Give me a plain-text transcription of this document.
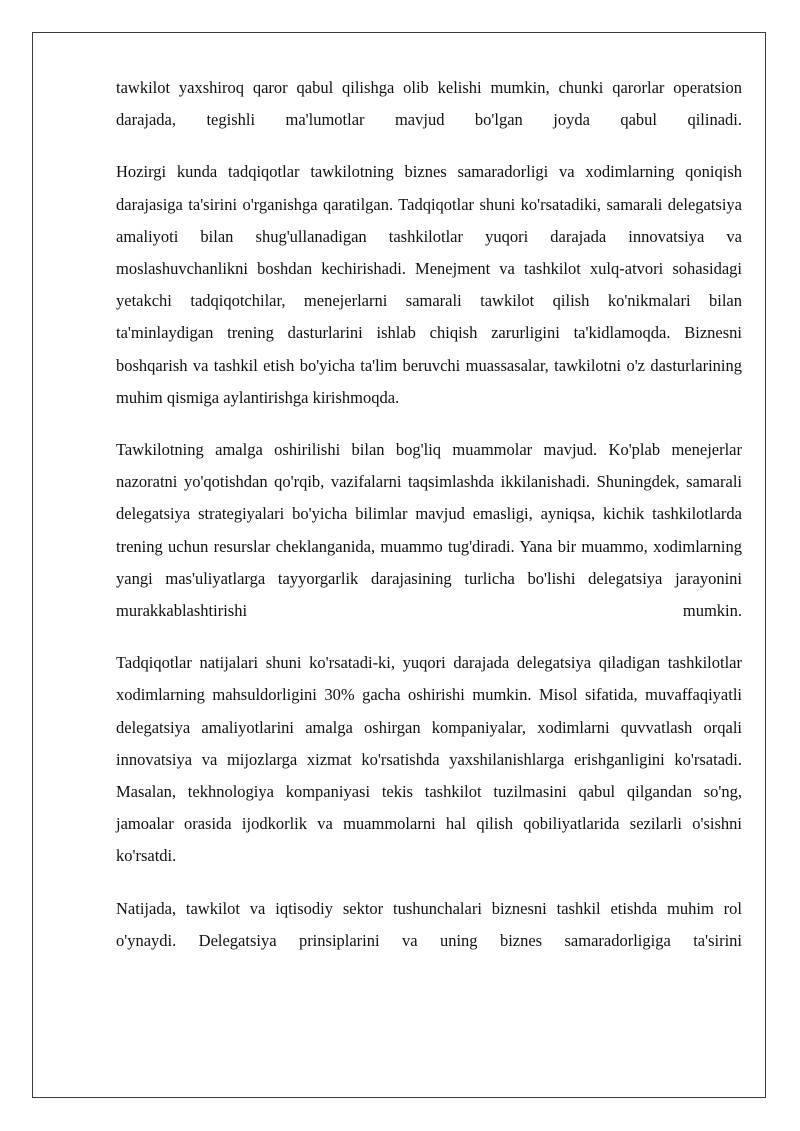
tawkilot yaxshiroq qaror qabul qilishga olib kelishi mumkin, chunki qarorlar operatsion darajada, tegishli ma'lumotlar mavjud bo'lgan joyda qabul qilinadi.

Hozirgi kunda tadqiqotlar tawkilotning biznes samaradorligi va xodimlarning qoniqish darajasiga ta'sirini o'rganishga qaratilgan. Tadqiqotlar shuni ko'rsatadiki, samarali delegatsiya amaliyoti bilan shug'ullanadigan tashkilotlar yuqori darajada innovatsiya va moslashuvchanlikni boshdan kechirishadi. Menejment va tashkilot xulq-atvori sohasidagi yetakchi tadqiqotchilar, menejerlarni samarali tawkilot qilish ko'nikmalari bilan ta'minlaydigan trening dasturlarini ishlab chiqish zarurligini ta'kidlamoqda. Biznesni boshqarish va tashkil etish bo'yicha ta'lim beruvchi muassasalar, tawkilotni o'z dasturlarining muhim qismiga aylantirishga kirishmoqda.

Tawkilotning amalga oshirilishi bilan bog'liq muammolar mavjud. Ko'plab menejerlar nazoratni yo'qotishdan qo'rqib, vazifalarni taqsimlashda ikkilanishadi. Shuningdek, samarali delegatsiya strategiyalari bo'yicha bilimlar mavjud emasligi, ayniqsa, kichik tashkilotlarda trening uchun resurslar cheklanganida, muammo tug'diradi. Yana bir muammo, xodimlarning yangi mas'uliyatlarga tayyorgarlik darajasining turlicha bo'lishi delegatsiya jarayonini murakkablashtirishi mumkin.

Tadqiqotlar natijalari shuni ko'rsatadi-ki, yuqori darajada delegatsiya qiladigan tashkilotlar xodimlarning mahsuldorligini 30% gacha oshirishi mumkin. Misol sifatida, muvaffaqiyatli delegatsiya amaliyotlarini amalga oshirgan kompaniyalar, xodimlarni quvvatlash orqali innovatsiya va mijozlarga xizmat ko'rsatishda yaxshilanishlarga erishganligini ko'rsatadi. Masalan, tekhnologiya kompaniyasi tekis tashkilot tuzilmasini qabul qilgandan so'ng, jamoalar orasida ijodkorlik va muammolarni hal qilish qobiliyatlarida sezilarli o'sishni ko'rsatdi.

Natijada, tawkilot va iqtisodiy sektor tushunchalari biznesni tashkil etishda muhim rol o'ynaydi. Delegatsiya prinsiplarini va uning biznes samaradorligiga ta'sirini
